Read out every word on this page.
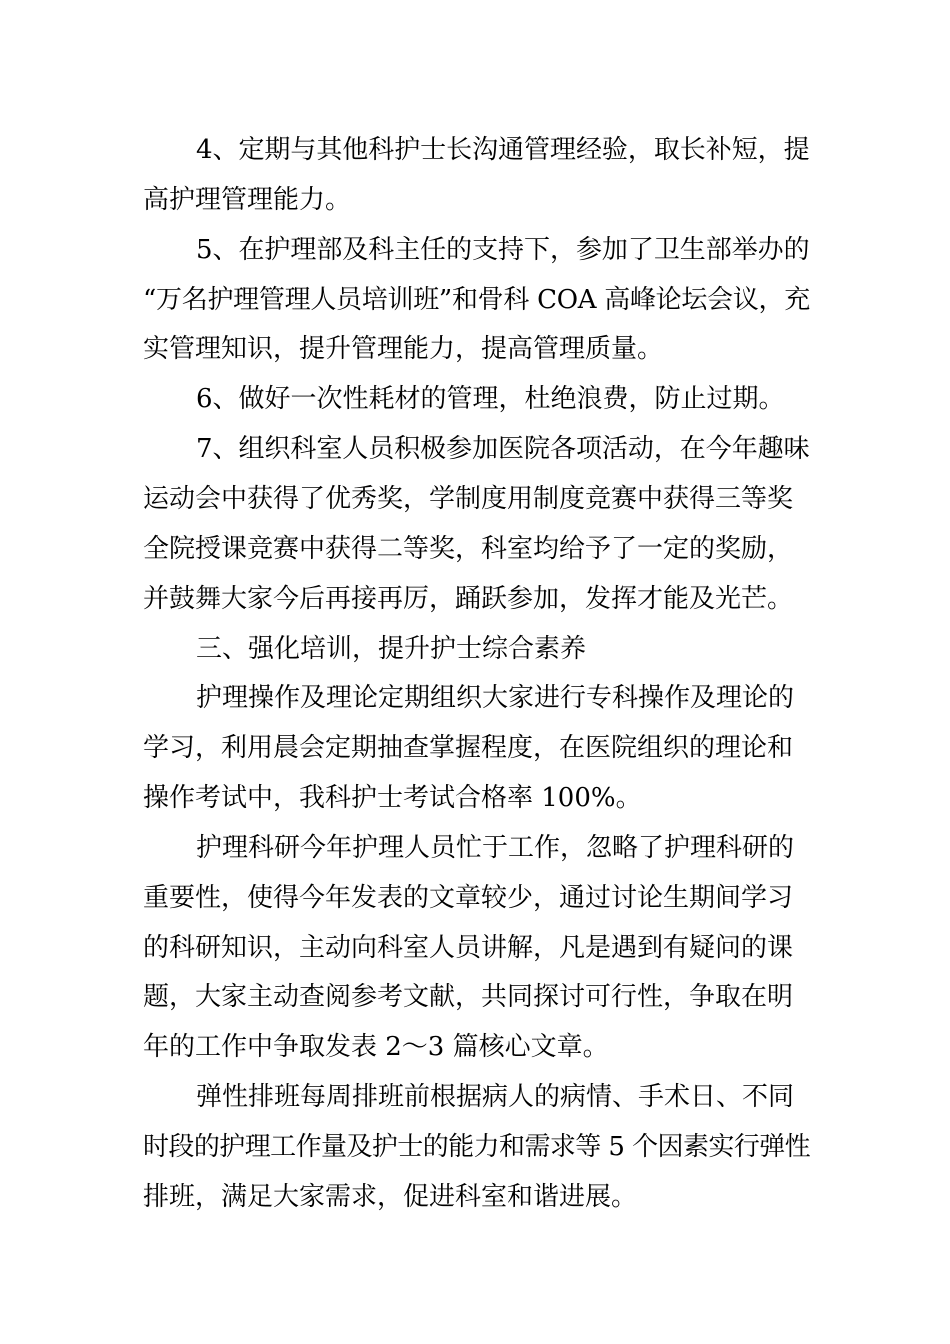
4、定期与其他科护士长沟通管理经验，取长补短，提
高护理管理能力。
5、在护理部及科主任的支持下，参加了卫生部举办的
“万名护理管理人员培训班”和骨科 COA 高峰论坛会议，充
实管理知识，提升管理能力，提高管理质量。
6、做好一次性耗材的管理，杜绝浪费，防止过期。
7、组织科室人员积极参加医院各项活动，在今年趣味
运动会中获得了优秀奖，学制度用制度竞赛中获得三等奖
全院授课竞赛中获得二等奖，科室均给予了一定的奖励，
并鼓舞大家今后再接再厉，踊跃参加，发挥才能及光芒。
三、强化培训，提升护士综合素养
护理操作及理论定期组织大家进行专科操作及理论的
学习，利用晨会定期抽查掌握程度，在医院组织的理论和
操作考试中，我科护士考试合格率 100%。
护理科研今年护理人员忙于工作，忽略了护理科研的
重要性，使得今年发表的文章较少，通过讨论生期间学习
的科研知识，主动向科室人员讲解，凡是遇到有疑问的课
题，大家主动查阅参考文献，共同探讨可行性，争取在明
年的工作中争取发表 2～3 篇核心文章。
弹性排班每周排班前根据病人的病情、手术日、不同
时段的护理工作量及护士的能力和需求等 5 个因素实行弹性
排班，满足大家需求，促进科室和谐进展。
